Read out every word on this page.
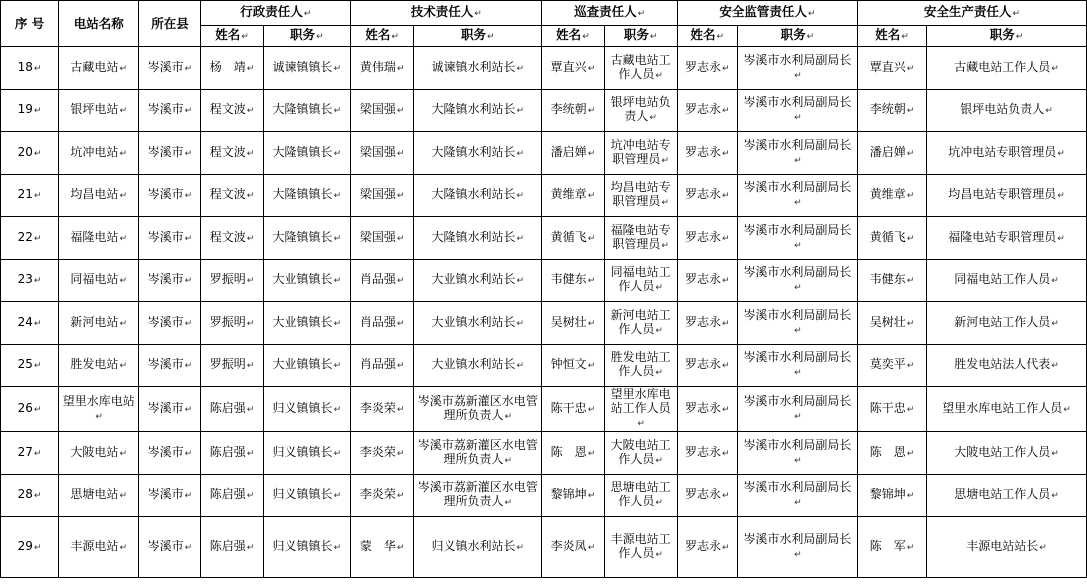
序 号	电站名称	所在县	行政责任人 ↵		技术责任人 ↵		巡查责任人 ↵		安全监管责任人 ↵		安全生产责任人 ↵
			姓名 ↵	职务 ↵	姓名 ↵	职务 ↵	姓名 ↵	职务 ↵	姓名 ↵	职务 ↵	姓名 ↵	职务 ↵
18 ↵	古藏电站 ↵	岑溪市 ↵	杨　靖 ↵	诚谏镇镇长 ↵	黄伟瑞 ↵	诚谏镇水利站长 ↵	覃直兴 ↵	古藏电站工作人员 ↵	罗志永 ↵	岑溪市水利局副局长 ↵	覃直兴 ↵	古藏电站工作人员 ↵
19 ↵	银坪电站 ↵	岑溪市 ↵	程文波 ↵	大隆镇镇长 ↵	梁国强 ↵	大隆镇水利站长 ↵	李统朝 ↵	银坪电站负责人 ↵	罗志永 ↵	岑溪市水利局副局长 ↵	李统朝 ↵	银坪电站负责人 ↵
20 ↵	坑冲电站 ↵	岑溪市 ↵	程文波 ↵	大隆镇镇长 ↵	梁国强 ↵	大隆镇水利站长 ↵	潘启婵 ↵	坑冲电站专职管理员 ↵	罗志永 ↵	岑溪市水利局副局长 ↵	潘启婵 ↵	坑冲电站专职管理员 ↵
21 ↵	均昌电站 ↵	岑溪市 ↵	程文波 ↵	大隆镇镇长 ↵	梁国强 ↵	大隆镇水利站长 ↵	黄维章 ↵	均昌电站专职管理员 ↵	罗志永 ↵	岑溪市水利局副局长 ↵	黄维章 ↵	均昌电站专职管理员 ↵
22 ↵	福隆电站 ↵	岑溪市 ↵	程文波 ↵	大隆镇镇长 ↵	梁国强 ↵	大隆镇水利站长 ↵	黄循飞 ↵	福隆电站专职管理员 ↵	罗志永 ↵	岑溪市水利局副局长 ↵	黄循飞 ↵	福隆电站专职管理员 ↵
23 ↵	同福电站 ↵	岑溪市 ↵	罗振明 ↵	大业镇镇长 ↵	肖品强 ↵	大业镇水利站长 ↵	韦健东 ↵	同福电站工作人员 ↵	罗志永 ↵	岑溪市水利局副局长 ↵	韦健东 ↵	同福电站工作人员 ↵
24 ↵	新河电站 ↵	岑溪市 ↵	罗振明 ↵	大业镇镇长 ↵	肖品强 ↵	大业镇水利站长 ↵	吴树壮 ↵	新河电站工作人员 ↵	罗志永 ↵	岑溪市水利局副局长 ↵	吴树壮 ↵	新河电站工作人员 ↵
25 ↵	胜发电站 ↵	岑溪市 ↵	罗振明 ↵	大业镇镇长 ↵	肖品强 ↵	大业镇水利站长 ↵	钟恒文 ↵	胜发电站工作人员 ↵	罗志永 ↵	岑溪市水利局副局长 ↵	莫奕平 ↵	胜发电站法人代表 ↵
26 ↵	望里水库电站 ↵	岑溪市 ↵	陈启强 ↵	归义镇镇长 ↵	李炎荣 ↵	岑溪市荔新灌区水电管理所负责人 ↵	陈干忠 ↵	望里水库电站工作人员 ↵	罗志永 ↵	岑溪市水利局副局长 ↵	陈干忠 ↵	望里水库电站工作人员 ↵
27 ↵	大陂电站 ↵	岑溪市 ↵	陈启强 ↵	归义镇镇长 ↵	李炎荣 ↵	岑溪市荔新灌区水电管理所负责人 ↵	陈　恩 ↵	大陂电站工作人员 ↵	罗志永 ↵	岑溪市水利局副局长 ↵	陈　恩 ↵	大陂电站工作人员 ↵
28 ↵	思塘电站 ↵	岑溪市 ↵	陈启强 ↵	归义镇镇长 ↵	李炎荣 ↵	岑溪市荔新灌区水电管理所负责人 ↵	黎锦坤 ↵	思塘电站工作人员 ↵	罗志永 ↵	岑溪市水利局副局长 ↵	黎锦坤 ↵	思塘电站工作人员 ↵
29 ↵	丰源电站 ↵	岑溪市 ↵	陈启强 ↵	归义镇镇长 ↵	蒙　华 ↵	归义镇水利站长 ↵	李炎凤 ↵	丰源电站工作人员 ↵	罗志永 ↵	岑溪市水利局副局长 ↵	陈　军 ↵	丰源电站站长 ↵
